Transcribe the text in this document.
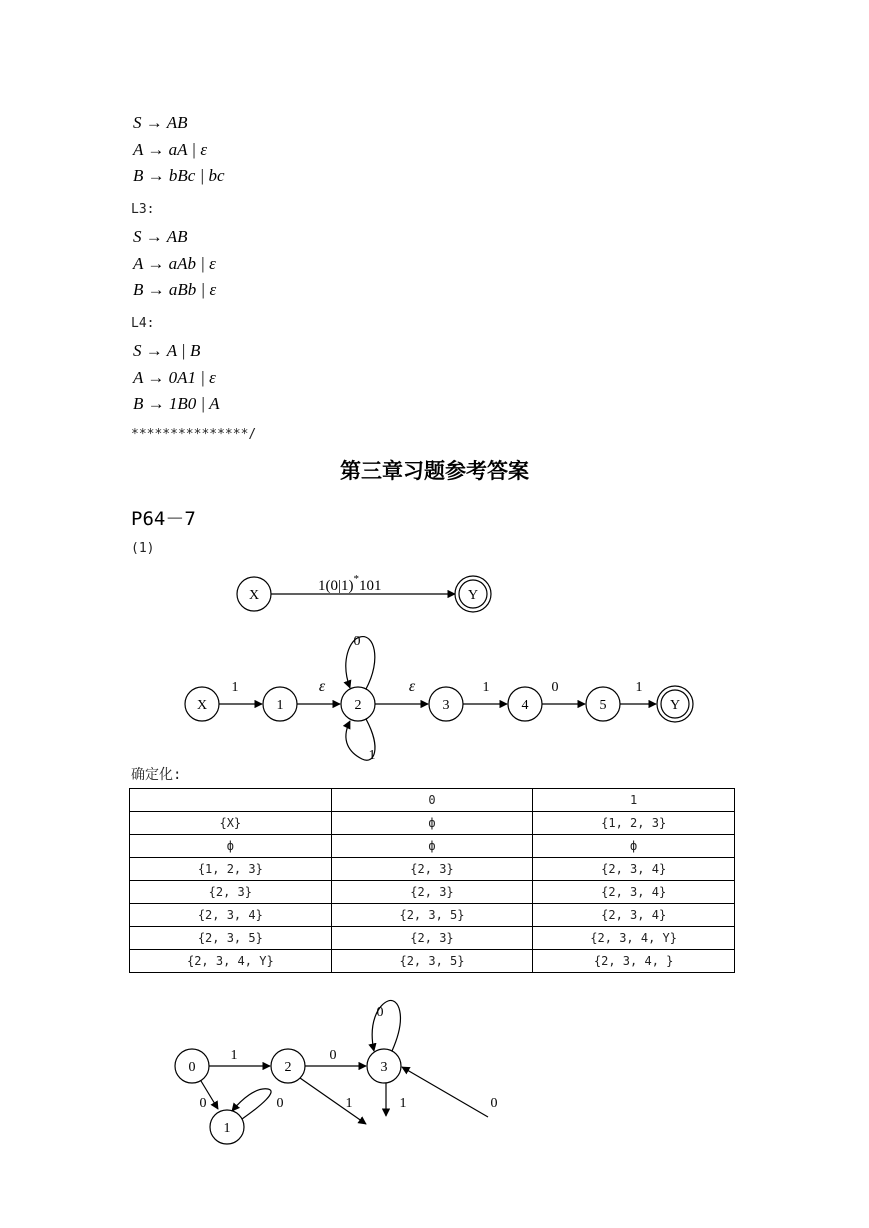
S → AB
A → aA | ε
B → bBc | bc
L3:
S → AB
A → aAb | ε
B → aBb | ε
L4:
S → A | B
A → 0A1 | ε
B → 1B0 | A
***************/
第三章习题参考答案
P64－7
(1)
X
1(0|1)*101
Y
X	1	2	3	4	5	Y
1	ε	ε	1	0	1
0
1
确定化:
	0	1
{X}	ф	{1, 2, 3}
ф	ф	ф
{1, 2, 3}	{2, 3}	{2, 3, 4}
{2, 3}	{2, 3}	{2, 3, 4}
{2, 3, 4}	{2, 3, 5}	{2, 3, 4}
{2, 3, 5}	{2, 3}	{2, 3, 4, Y}
{2, 3, 4, Y}	{2, 3, 5}	{2, 3, 4, }
0
1
2	3
1
0	0
0
1	1
0
0
